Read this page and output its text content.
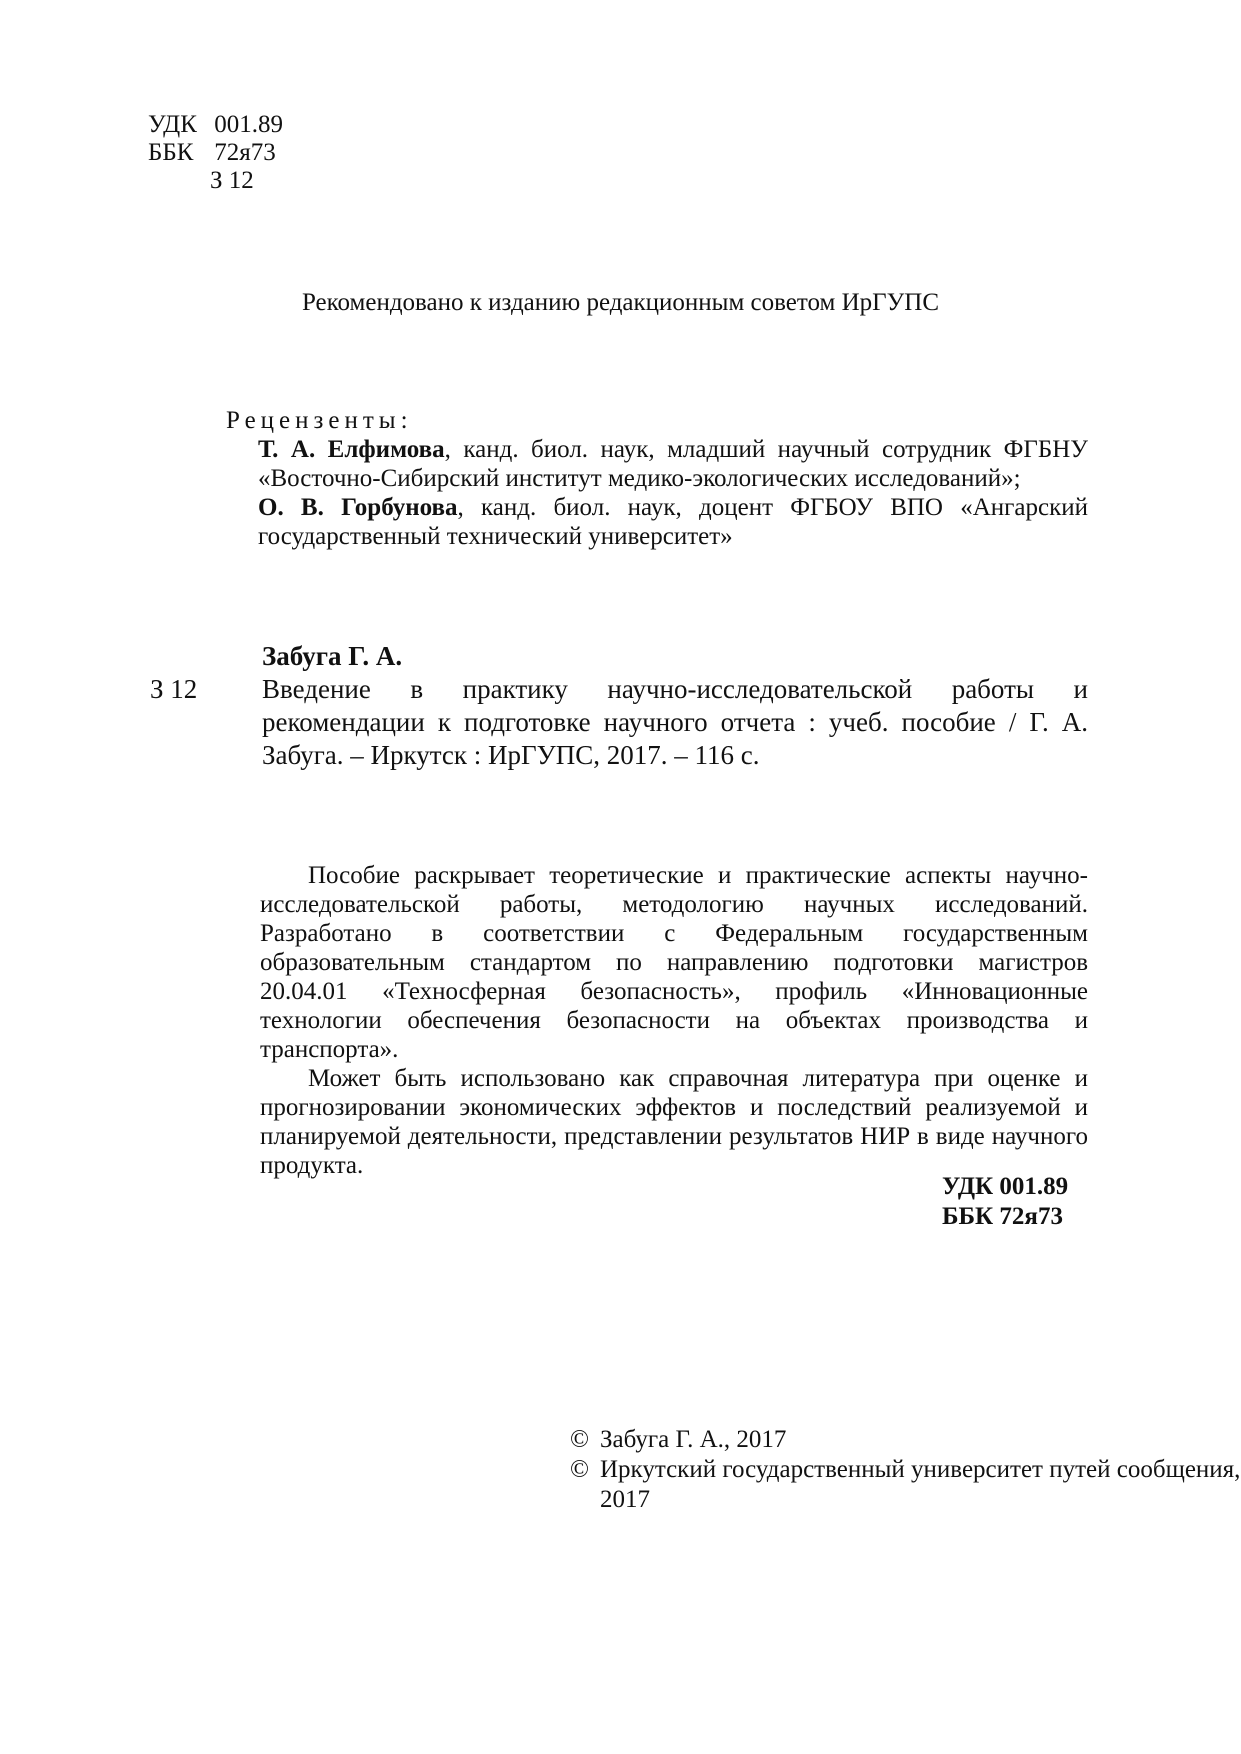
УДК 001.89
ББК 72я73
З 12
Рекомендовано к изданию редакционным советом ИрГУПС
Рецензенты:
Т. А. Елфимова, канд. биол. наук, младший научный сотрудник ФГБНУ «Восточно-Сибирский институт медико-экологических исследований»;
О. В. Горбунова, канд. биол. наук, доцент ФГБОУ ВПО «Ангарский государственный технический университет»
Забуга Г. А.
З 12	Введение в практику научно-исследовательской работы и рекомендации к подготовке научного отчета : учеб. пособие / Г. А. Забуга. – Иркутск : ИрГУПС, 2017. – 116 с.

Пособие раскрывает теоретические и практические аспекты научно-исследовательской работы, методологию научных исследований. Разработано в соответствии с Федеральным государственным образовательным стандартом по направлению подготовки магистров 20.04.01 «Техносферная безопасность», профиль «Инновационные технологии обеспечения безопасности на объектах производства и транспорта».

Может быть использовано как справочная литература при оценке и прогнозировании экономических эффектов и последствий реализуемой и планируемой деятельности, представлении результатов НИР в виде научного продукта.

УДК 001.89
ББК 72я73
© Забуга Г. А., 2017
© Иркутский государственный университет путей сообщения, 2017
